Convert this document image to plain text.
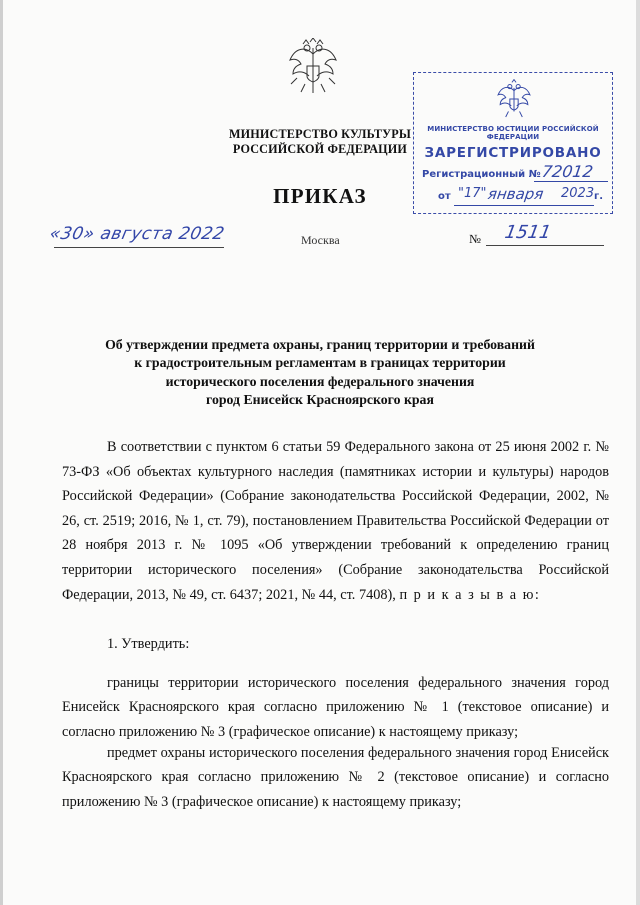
МИНИСТЕРСТВО КУЛЬТУРЫ
РОССИЙСКОЙ ФЕДЕРАЦИИ
ПРИКАЗ
«30» августа 2022	Москва	№ 1511
МИНИСТЕРСТВО ЮСТИЦИИ РОССИЙСКОЙ ФЕДЕРАЦИИ
ЗАРЕГИСТРИРОВАНО
Регистрационный № 72012
от "17" января 2023 г.
Об утверждении предмета охраны, границ территории и требований
к градостроительным регламентам в границах территории
исторического поселения федерального значения
город Енисейск Красноярского края
В соответствии с пунктом 6 статьи 59 Федерального закона от 25 июня 2002 г. № 73-ФЗ «Об объектах культурного наследия (памятниках истории и культуры) народов Российской Федерации» (Собрание законодательства Российской Федерации, 2002, № 26, ст. 2519; 2016, № 1, ст. 79), постановлением Правительства Российской Федерации от 28 ноября 2013 г. № 1095 «Об утверждении требований к определению границ территории исторического поселения» (Собрание законодательства Российской Федерации, 2013, № 49, ст. 6437; 2021, № 44, ст. 7408), п р и к а з ы в а ю:
1. Утвердить:
границы территории исторического поселения федерального значения город Енисейск Красноярского края согласно приложению № 1 (текстовое описание) и согласно приложению № 3 (графическое описание) к настоящему приказу;
предмет охраны исторического поселения федерального значения город Енисейск Красноярского края согласно приложению № 2 (текстовое описание) и согласно приложению № 3 (графическое описание) к настоящему приказу;
